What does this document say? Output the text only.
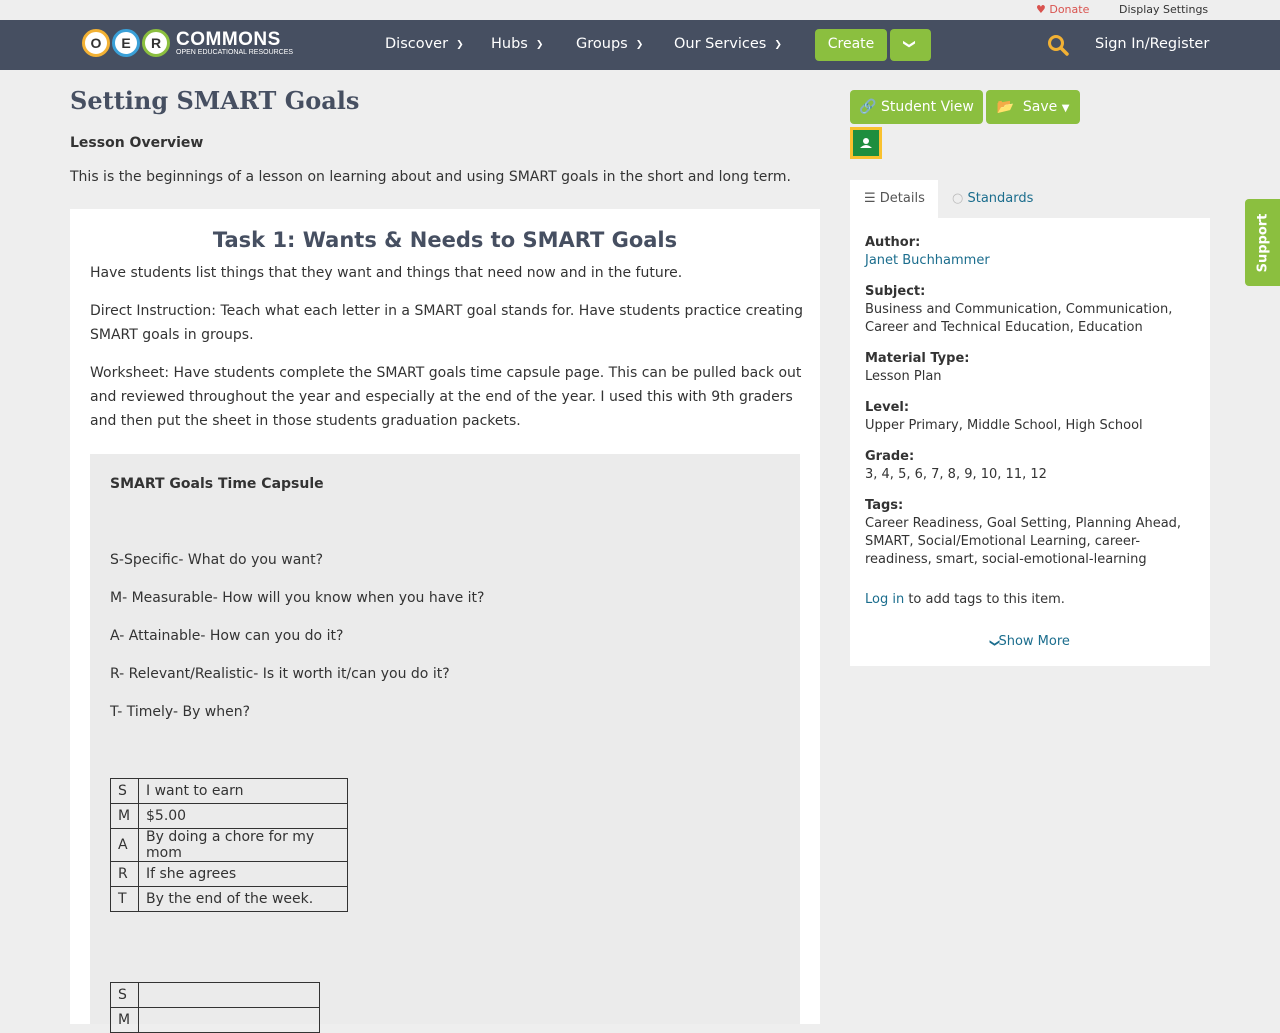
♥ Donate	Display Settings
O	E	R COMMONS
OPEN EDUCATIONAL RESOURCES
Discover ❯ Hubs ❯ Groups ❯ Our Services ❯	Create	❯	Sign In/Register
Setting SMART Goals
Lesson Overview
This is the beginnings of a lesson on learning about and using SMART goals in the short and long term.
Task 1: Wants & Needs to SMART Goals
Have students list things that they want and things that need now and in the future.
Direct Instruction: Teach what each letter in a SMART goal stands for. Have students practice creating SMART goals in groups.
Worksheet: Have students complete the SMART goals time capsule page. This can be pulled back out and reviewed throughout the year and especially at the end of the year. I used this with 9th graders and then put the sheet in those students graduation packets.
SMART Goals Time Capsule
S-Specific- What do you want?
M- Measurable- How will you know when you have it?
A- Attainable- How can you do it?
R- Relevant/Realistic- Is it worth it/can you do it?
T- Timely- By when?
S	I want to earn
M	$5.00
A	By doing a chore for my mom
R	If she agrees
T	By the end of the week.
S	
M	
🔗 Student View	📂 Save ▼
☰ Details	○ Standards
Author:
Janet Buchhammer
Subject:
Business and Communication, Communication, Career and Technical Education, Education
Material Type:
Lesson Plan
Level:
Upper Primary, Middle School, High School
Grade:
3, 4, 5, 6, 7, 8, 9, 10, 11, 12
Tags:
Career Readiness, Goal Setting, Planning Ahead, SMART, Social/Emotional Learning, career-readiness, smart, social-emotional-learning
Log in to add tags to this item.
❯Show More
Support
